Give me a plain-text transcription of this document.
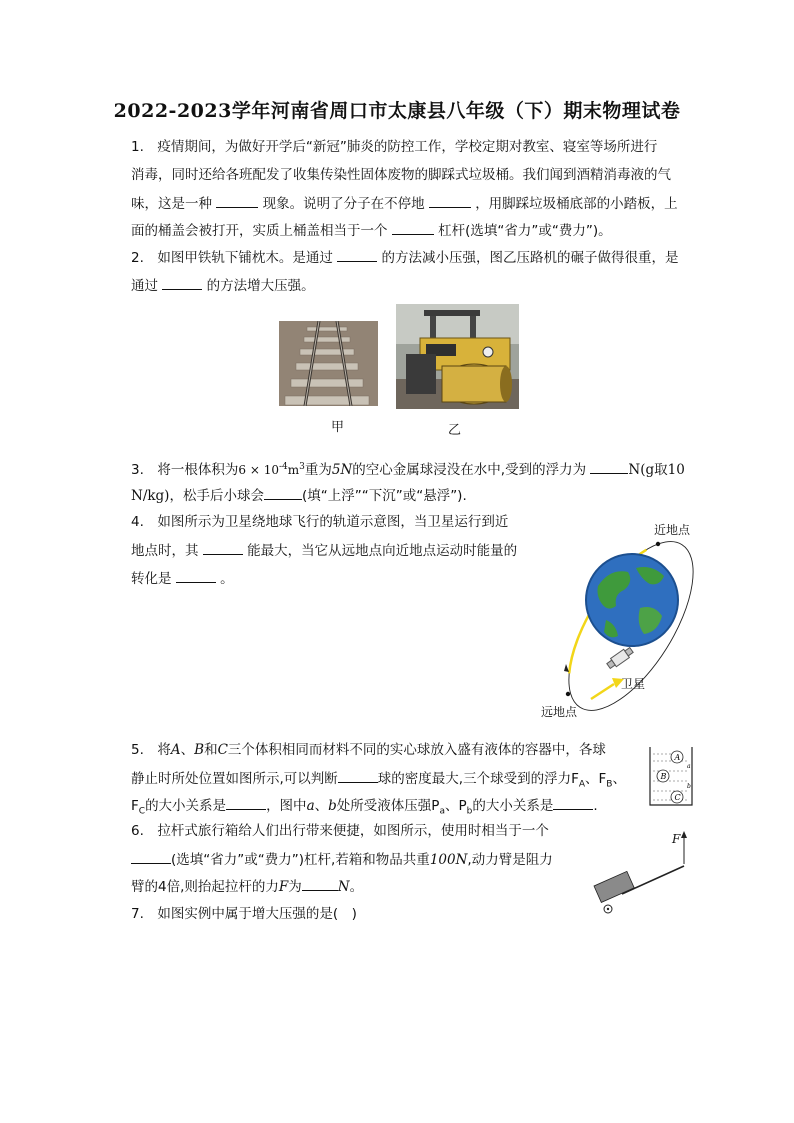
2022-2023学年河南省周口市太康县八年级（下）期末物理试卷
1.　疫情期间，为做好开学后“新冠”肺炎的防控工作，学校定期对教室、寝室等场所进行
消毒，同时还给各班配发了收集传染性固体废物的脚踩式垃圾桶。我们闻到酒精消毒液的气
味，这是一种	现象。说明了分子在不停地	，用脚踩垃圾桶底部的小踏板，上
面的桶盖会被打开，实质上桶盖相当于一个	杠杆(选填“省力”或“费力”)。
2.　如图甲铁轨下铺枕木。是通过	的方法减小压强，图乙压路机的碾子做得很重，是
通过	的方法增大压强。
甲	乙
3.　将一根体积为$6 \times 10^{-4}m^3$重为5N的空心金属球浸没在水中,受到的浮力为	N(g取10
N/kg)，松手后小球会	(填“上浮”“下沉”或“悬浮”).
4.　如图所示为卫星绕地球飞行的轨道示意图，当卫星运行到近
地点时，其	能最大，当它从远地点向近地点运动时能量的
转化是	。
近地点
远地点
卫星
5.　将A、B和C三个体积相同而材料不同的实心球放入盛有液体的容器中，各球
静止时所处位置如图所示,可以判断	球的密度最大,三个球受到的浮力$F_A$、$F_B$、
$F_C$的大小关系是	，图中a、b处所受液体压强$P_a$、$P_b$的大小关系是	.
A
B
C
a
b
6.　拉杆式旅行箱给人们出行带来便捷，如图所示，使用时相当于一个
(选填“省力”或“费力”)杠杆,若箱和物品共重100N,动力臂是阻力
臂的4倍,则抬起拉杆的力F为	N。
F
7.　如图实例中属于增大压强的是(　)
